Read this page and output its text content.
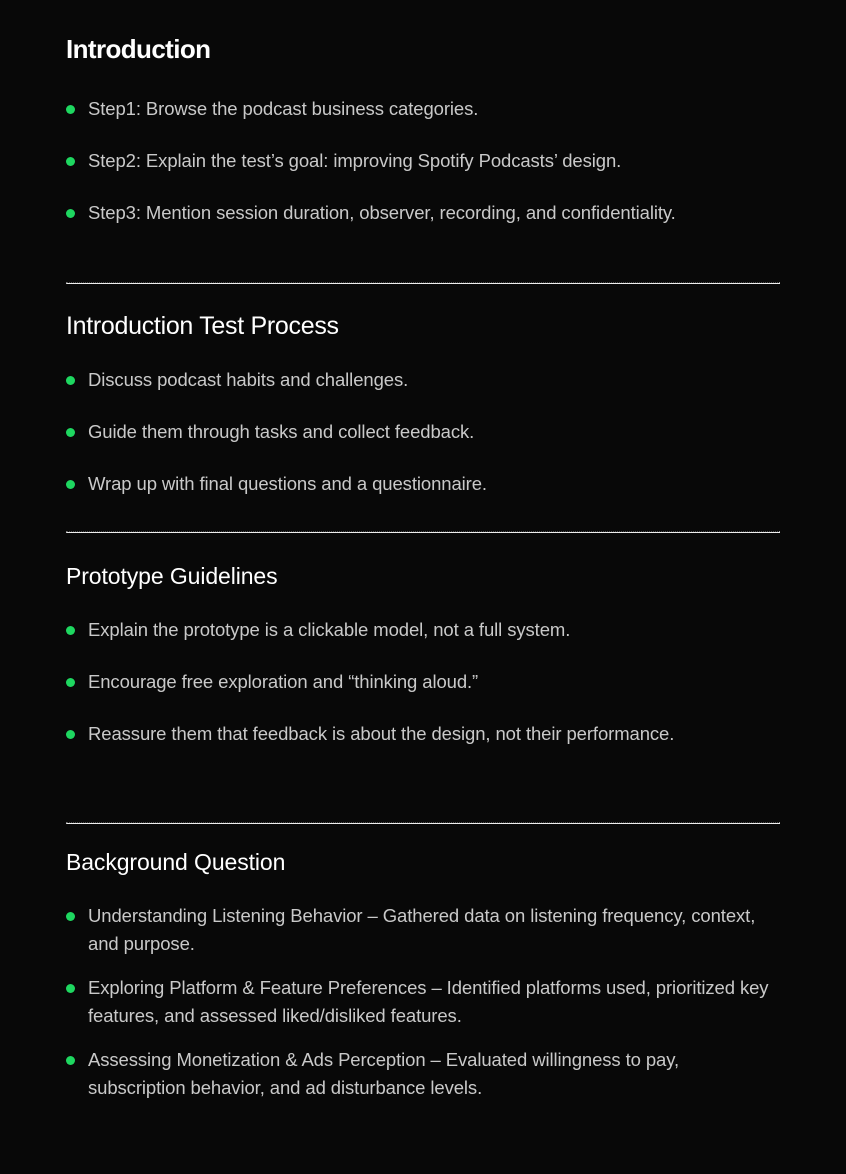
Introduction
Step1: Browse the podcast business categories.
Step2: Explain the test’s goal: improving Spotify Podcasts’ design.
Step3: Mention session duration, observer, recording, and confidentiality.
Introduction Test Process
Discuss podcast habits and challenges.
Guide them through tasks and collect feedback.
Wrap up with final questions and a questionnaire.
Prototype Guidelines
Explain the prototype is a clickable model, not a full system.
Encourage free exploration and “thinking aloud.”
Reassure them that feedback is about the design, not their performance.
Background Question
Understanding Listening Behavior – Gathered data on listening frequency, context, and purpose.
Exploring Platform & Feature Preferences – Identified platforms used, prioritized key features, and assessed liked/disliked features.
Assessing Monetization & Ads Perception – Evaluated willingness to pay, subscription behavior, and ad disturbance levels.
